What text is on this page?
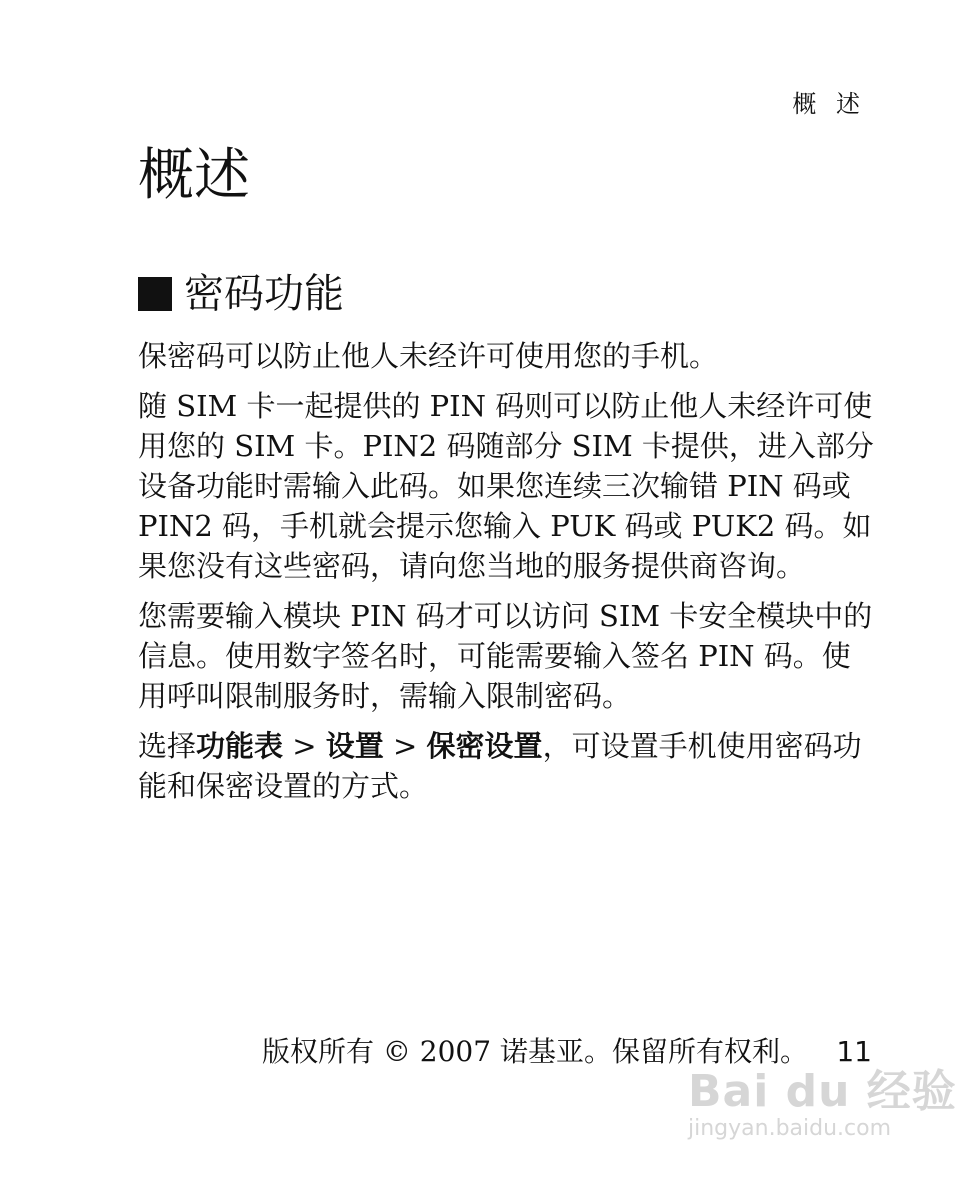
概 述
概述
密码功能

保密码可以防止他人未经许可使用您的手机。

随 SIM 卡一起提供的 PIN 码则可以防止他人未经许可使用您的 SIM 卡。PIN2 码随部分 SIM 卡提供，进入部分设备功能时需输入此码。如果您连续三次输错 PIN 码或 PIN2 码，手机就会提示您输入 PUK 码或 PUK2 码。如果您没有这些密码，请向您当地的服务提供商咨询。

您需要输入模块 PIN 码才可以访问 SIM 卡安全模块中的信息。使用数字签名时，可能需要输入签名 PIN 码。使用呼叫限制服务时，需输入限制密码。

选择功能表 > 设置 > 保密设置，可设置手机使用密码功能和保密设置的方式。

版权所有 © 2007 诺基亚。保留所有权利。 11
Bai du 经验
jingyan.baidu.com
